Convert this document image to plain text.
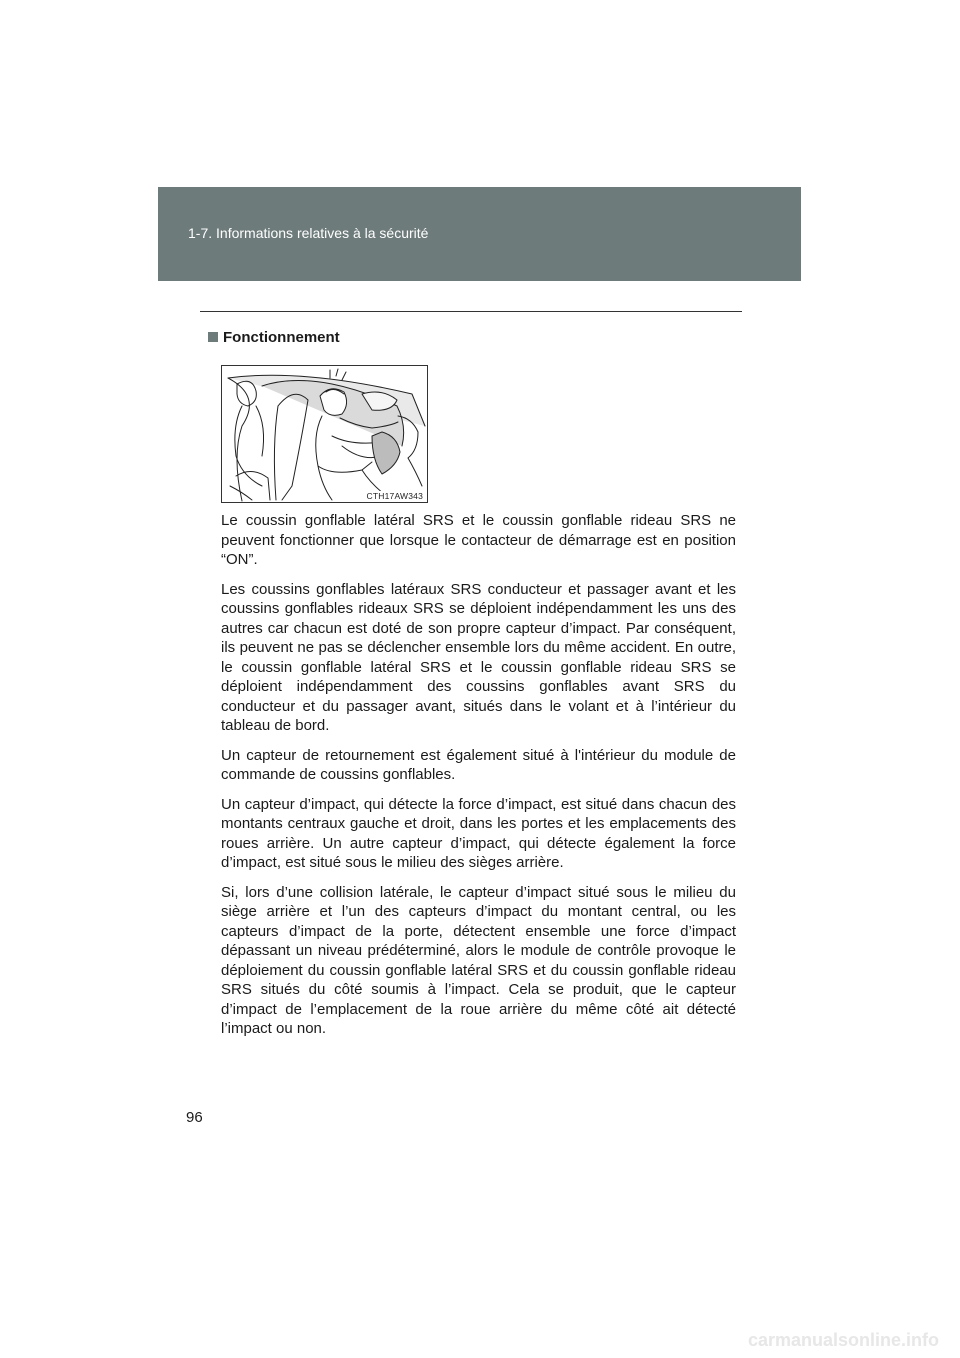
1-7. Informations relatives à la sécurité
Fonctionnement
CTH17AW343

Le coussin gonflable latéral SRS et le coussin gonflable rideau SRS ne peuvent fonctionner que lorsque le contacteur de démarrage est en position “ON”.

Les coussins gonflables latéraux SRS conducteur et passager avant et les coussins gonflables rideaux SRS se déploient indépendamment les uns des autres car chacun est doté de son propre capteur d’impact. Par conséquent, ils peuvent ne pas se déclencher ensemble lors du même accident. En outre, le coussin gonflable latéral SRS et le coussin gonflable rideau SRS se déploient indépendamment des coussins gonflables avant SRS du conducteur et du passager avant, situés dans le volant et à l’intérieur du tableau de bord.

Un capteur de retournement est également situé à l'intérieur du module de commande de coussins gonflables.

Un capteur d’impact, qui détecte la force d’impact, est situé dans chacun des montants centraux gauche et droit, dans les portes et les emplacements des roues arrière. Un autre capteur d’impact, qui détecte également la force d’impact, est situé sous le milieu des sièges arrière.

Si, lors d’une collision latérale, le capteur d’impact situé sous le milieu du siège arrière et l’un des capteurs d’impact du montant central, ou les capteurs d’impact de la porte, détectent ensemble une force d’impact dépassant un niveau prédéterminé, alors le module de contrôle provoque le déploiement du coussin gonflable latéral SRS et du coussin gonflable rideau SRS situés du côté soumis à l’impact. Cela se produit, que le capteur d’impact de l’emplacement de la roue arrière du même côté ait détecté l’impact ou non.

96
carmanualsonline.info
